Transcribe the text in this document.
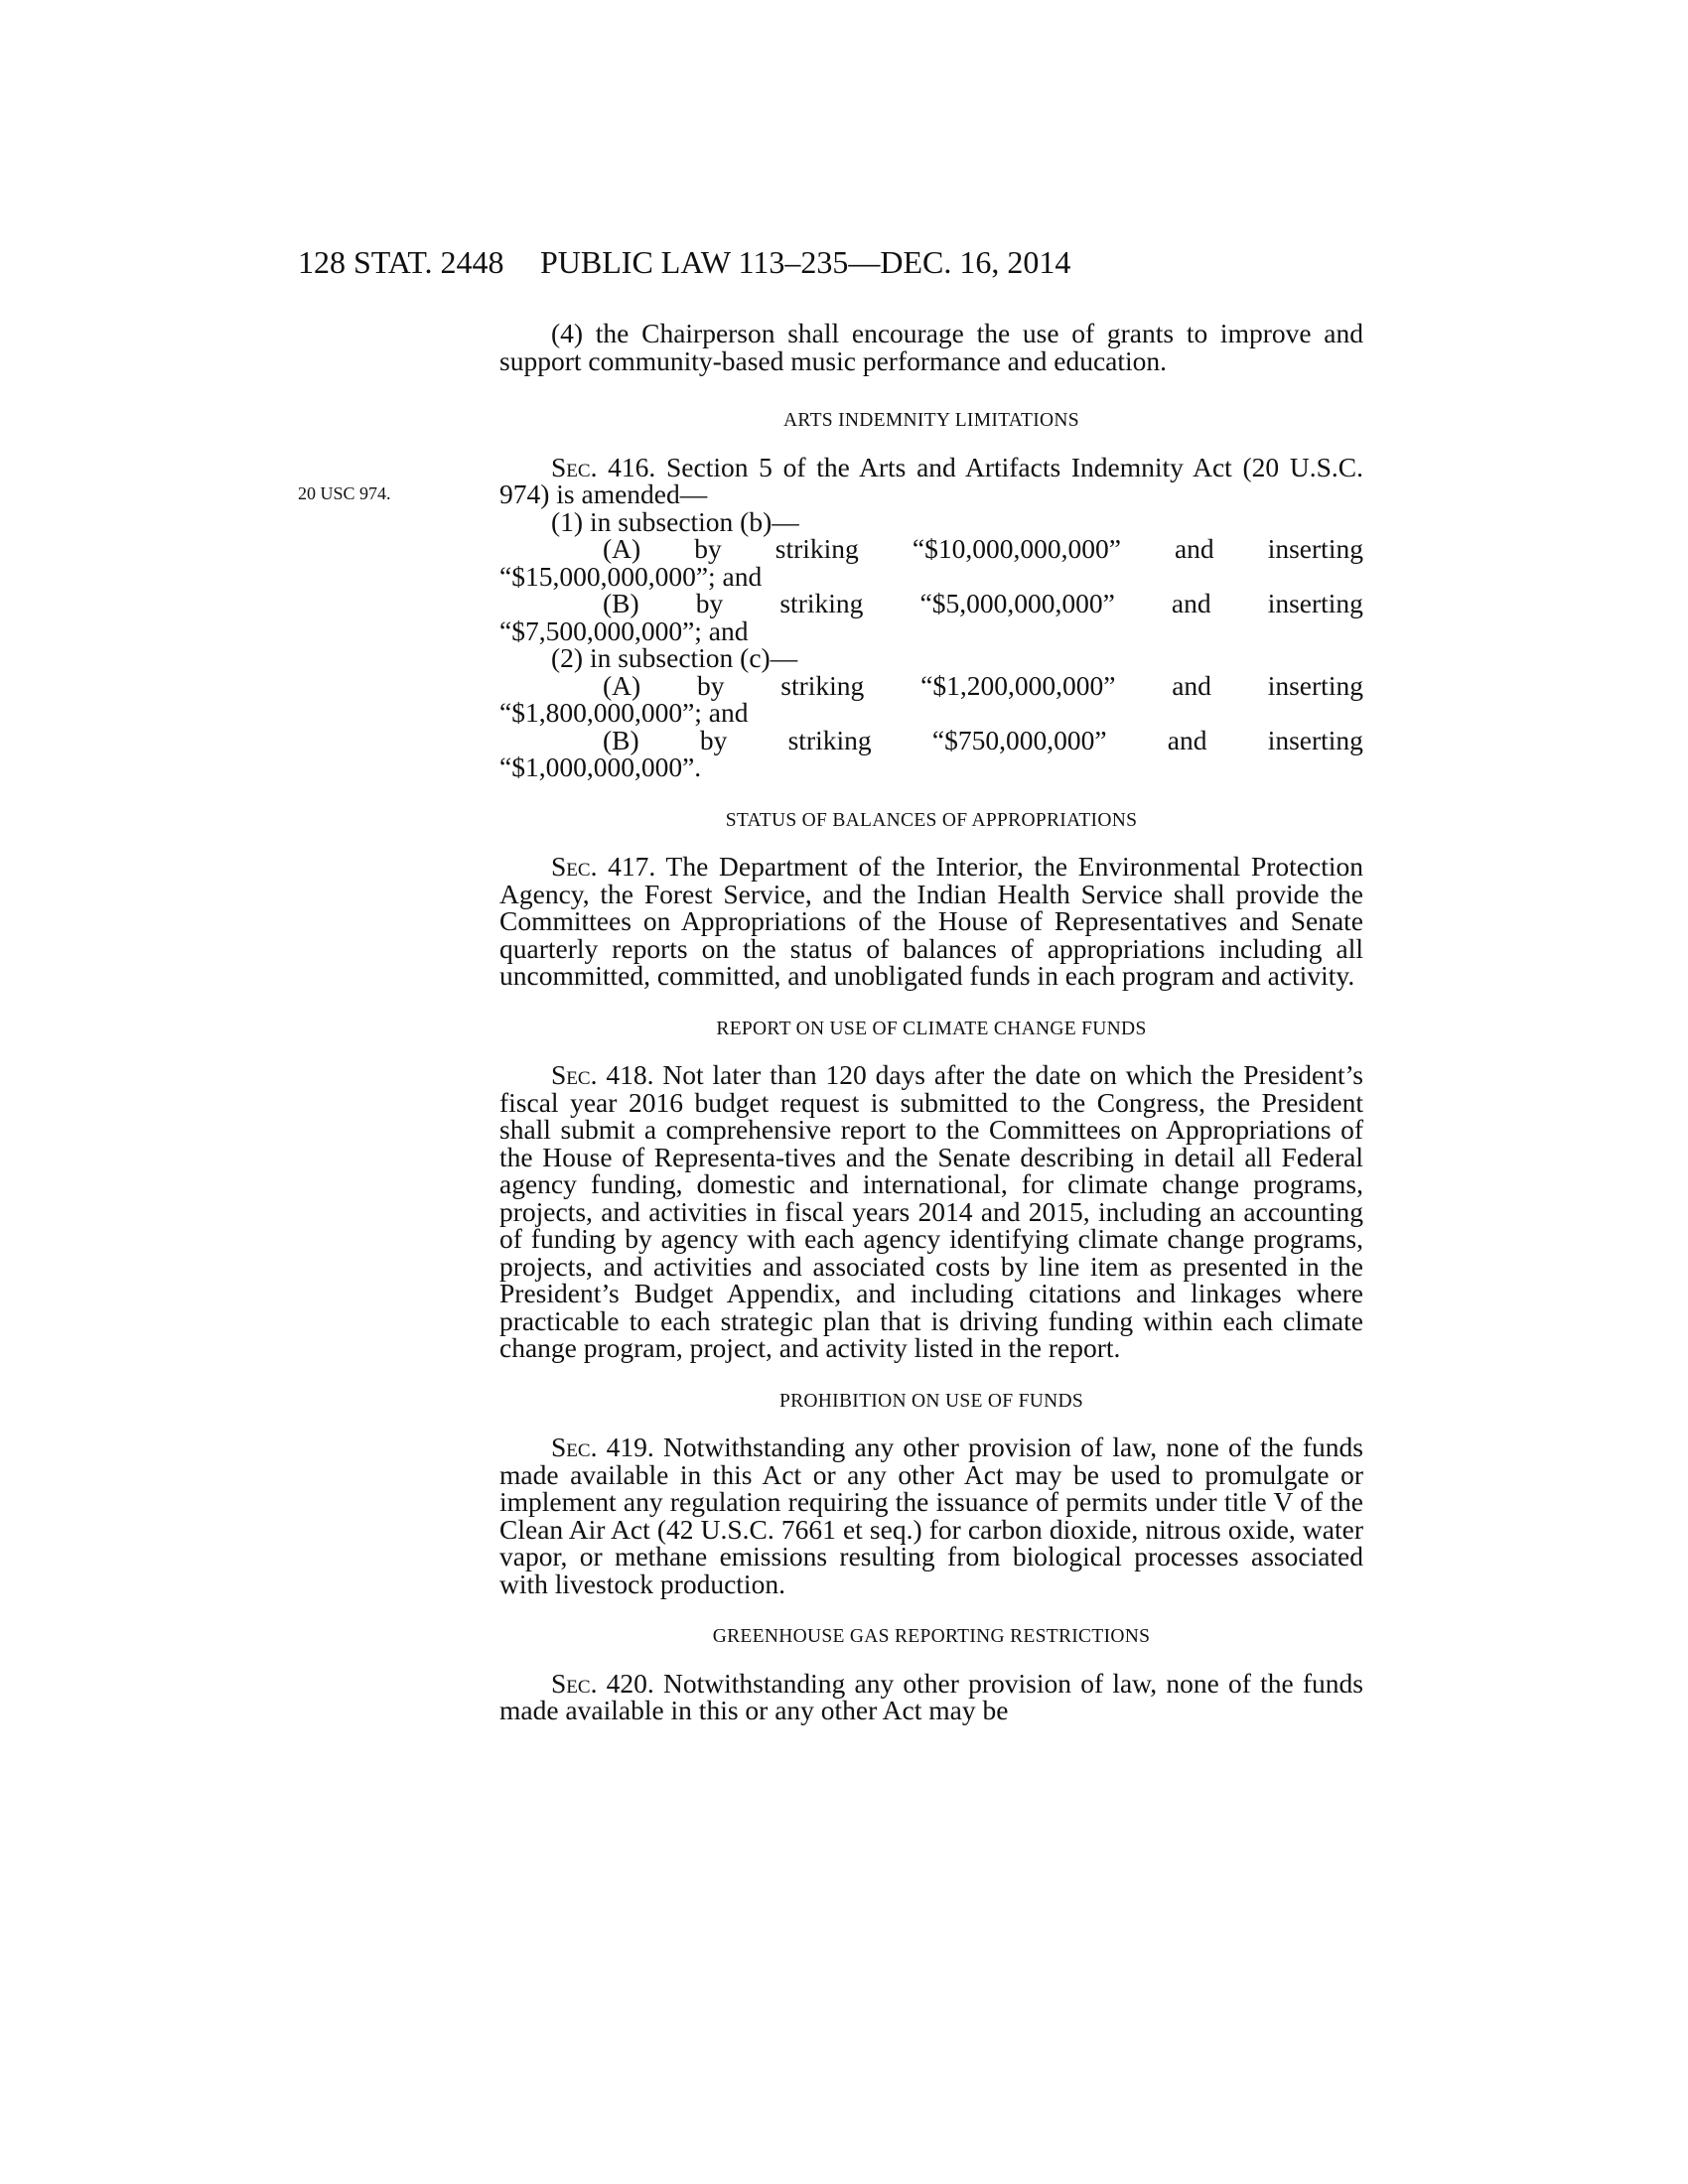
128 STAT. 2448 PUBLIC LAW 113–235—DEC. 16, 2014
20 USC 974.

(4) the Chairperson shall encourage the use of grants to improve and support community-based music performance and education.

ARTS INDEMNITY LIMITATIONS

Sec. 416. Section 5 of the Arts and Artifacts Indemnity Act (20 U.S.C. 974) is amended—

(1) in subsection (b)—

(A) by striking “$10,000,000,000” and inserting
“$15,000,000,000”; and
(B) by striking “$5,000,000,000” and inserting
“$7,500,000,000”; and

(2) in subsection (c)—

(A) by striking “$1,200,000,000” and inserting
“$1,800,000,000”; and
(B) by striking “$750,000,000” and inserting
“$1,000,000,000”.

STATUS OF BALANCES OF APPROPRIATIONS

Sec. 417. The Department of the Interior, the Environmental Protection Agency, the Forest Service, and the Indian Health Service shall provide the Committees on Appropriations of the House of Representatives and Senate quarterly reports on the status of balances of appropriations including all uncommitted, committed, and unobligated funds in each program and activity.

REPORT ON USE OF CLIMATE CHANGE FUNDS

Sec. 418. Not later than 120 days after the date on which the President’s fiscal year 2016 budget request is submitted to the Congress, the President shall submit a comprehensive report to the Committees on Appropriations of the House of Representa-tives and the Senate describing in detail all Federal agency funding, domestic and international, for climate change programs, projects, and activities in fiscal years 2014 and 2015, including an accounting of funding by agency with each agency identifying climate change programs, projects, and activities and associated costs by line item as presented in the President’s Budget Appendix, and including citations and linkages where practicable to each strategic plan that is driving funding within each climate change program, project, and activity listed in the report.

PROHIBITION ON USE OF FUNDS

Sec. 419. Notwithstanding any other provision of law, none of the funds made available in this Act or any other Act may be used to promulgate or implement any regulation requiring the issuance of permits under title V of the Clean Air Act (42 U.S.C. 7661 et seq.) for carbon dioxide, nitrous oxide, water vapor, or methane emissions resulting from biological processes associated with livestock production.

GREENHOUSE GAS REPORTING RESTRICTIONS

Sec. 420. Notwithstanding any other provision of law, none of the funds made available in this or any other Act may be
